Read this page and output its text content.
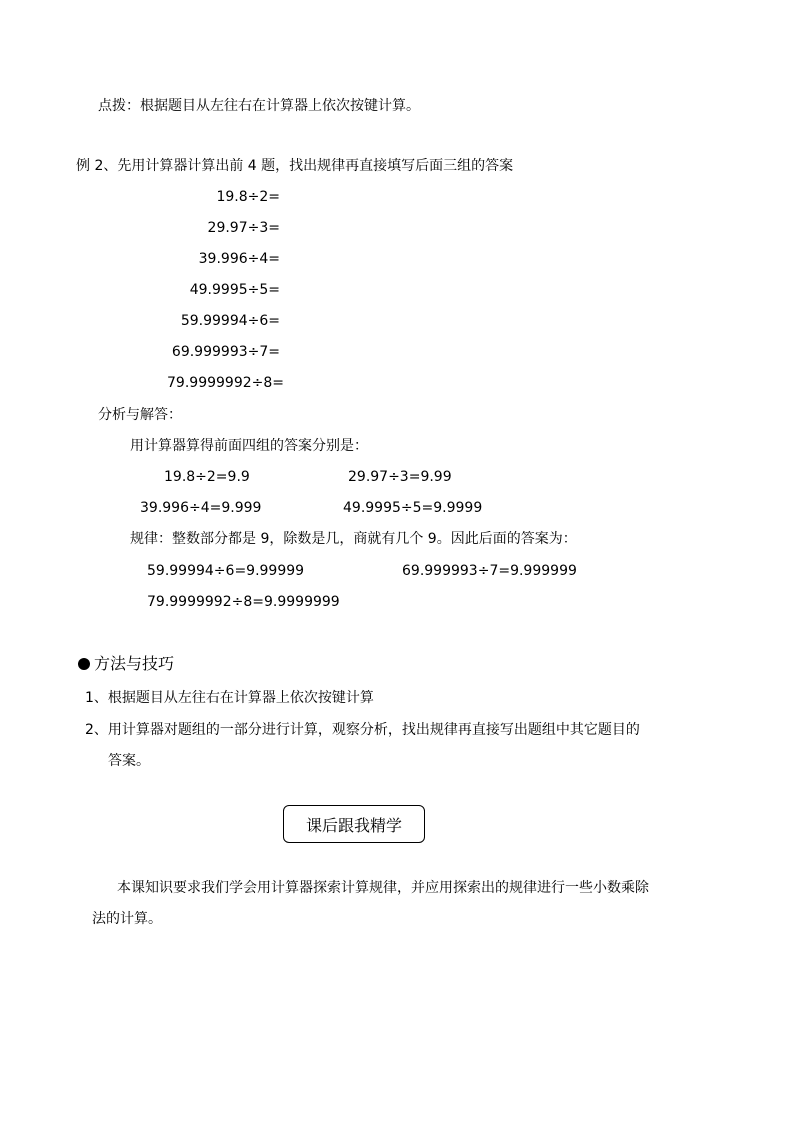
点拨：根据题目从左往右在计算器上依次按键计算。
例 2、先用计算器计算出前 4 题，找出规律再直接填写后面三组的答案
19.8÷2=
29.97÷3=
39.996÷4=
49.9995÷5=
59.99994÷6=
69.999993÷7=
79.9999992÷8=
分析与解答：
用计算器算得前面四组的答案分别是：
19.8÷2=9.9	29.97÷3=9.99
39.996÷4=9.999	49.9995÷5=9.9999
规律：整数部分都是 9，除数是几，商就有几个 9。因此后面的答案为：
59.99994÷6=9.99999	69.999993÷7=9.999999
79.9999992÷8=9.9999999
方法与技巧
1、根据题目从左往右在计算器上依次按键计算
2、用计算器对题组的一部分进行计算，观察分析，找出规律再直接写出题组中其它题目的
答案。
课后跟我精学
本课知识要求我们学会用计算器探索计算规律，并应用探索出的规律进行一些小数乘除
法的计算。
